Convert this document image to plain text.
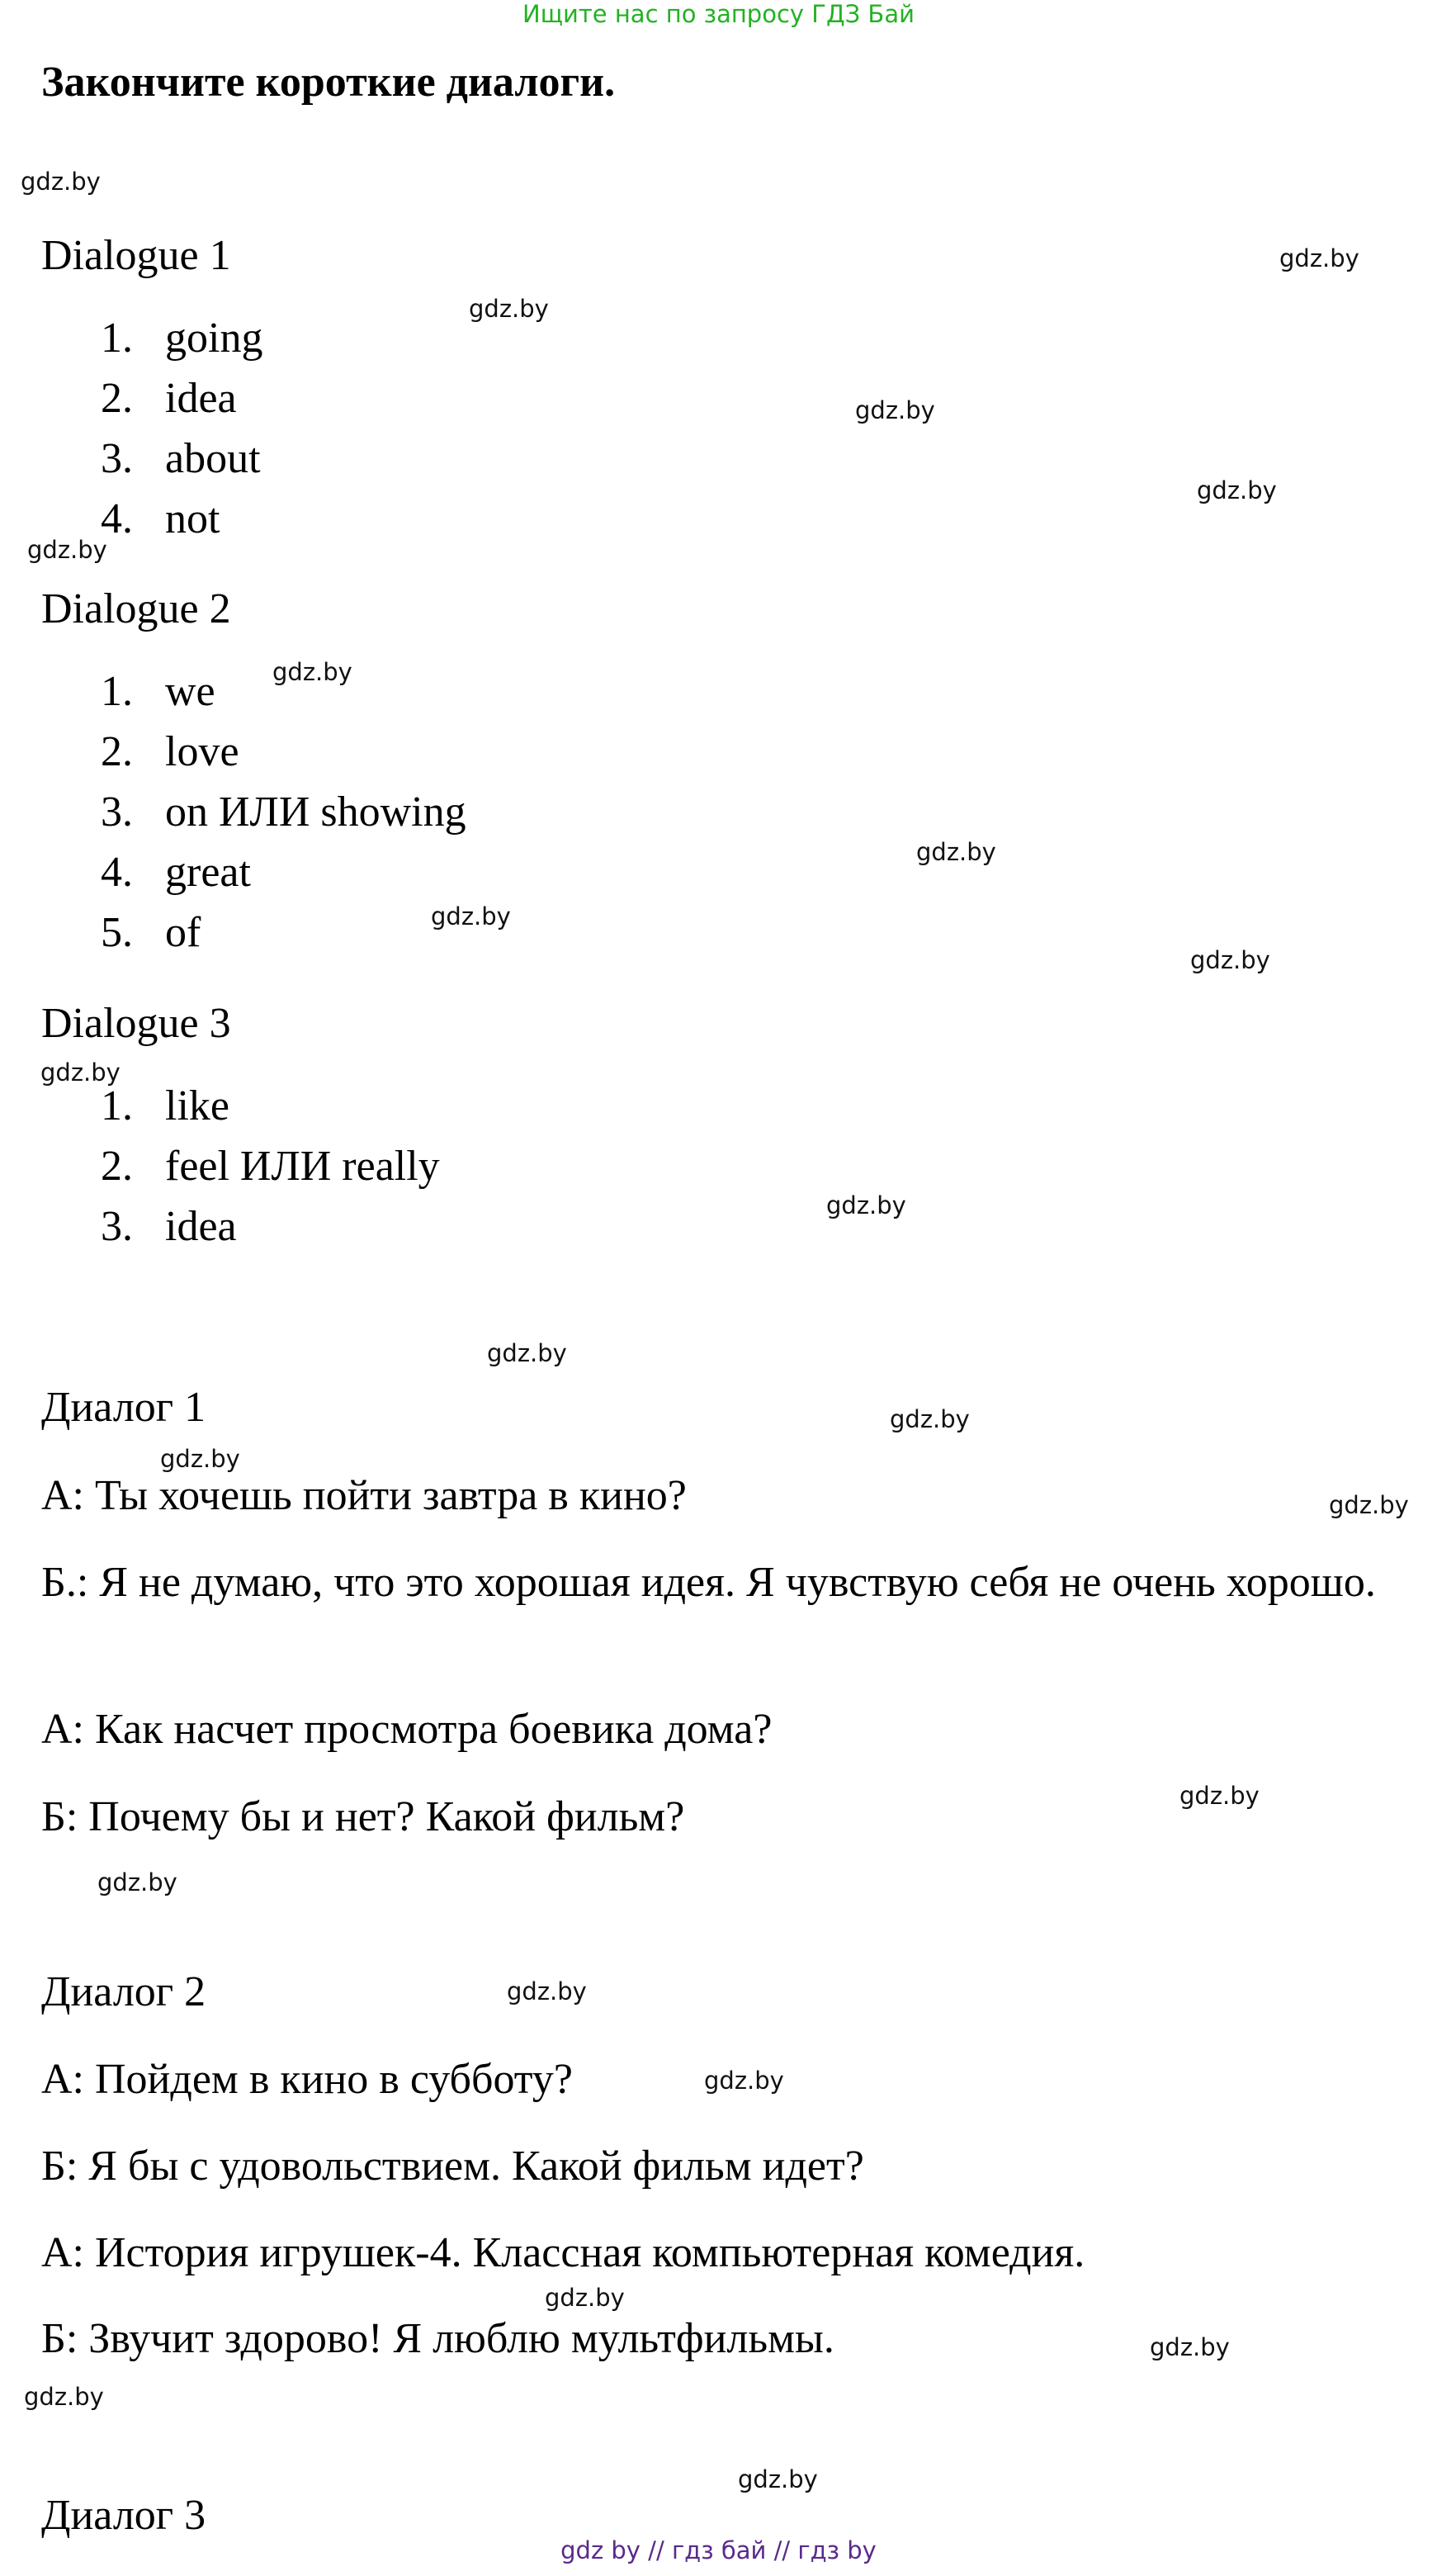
Ищите нас по запросу ГДЗ Бай
Закончите короткие диалоги.
Dialogue 1
1. going
2. idea
3. about
4. not
Dialogue 2
1. we
2. love
3. on ИЛИ showing
4. great
5. of
Dialogue 3
1. like
2. feel ИЛИ really
3. idea
Диалог 1

А: Ты хочешь пойти завтра в кино?

Б.: Я не думаю, что это хорошая идея. Я чувствую себя не очень хорошо.

А: Как насчет просмотра боевика дома?

Б: Почему бы и нет? Какой фильм?

Диалог 2

А: Пойдем в кино в субботу?

Б: Я бы с удовольствием. Какой фильм идет?

А: История игрушек-4. Классная компьютерная комедия.

Б: Звучит здорово! Я люблю мультфильмы.

Диалог 3
gdz.by
gdz.by
gdz.by
gdz.by
gdz.by
gdz.by
gdz.by
gdz.by
gdz.by
gdz.by
gdz.by
gdz.by
gdz.by
gdz.by
gdz.by
gdz.by
gdz.by
gdz.by
gdz.by
gdz.by
gdz.by
gdz.by
gdz.by
gdz.by
gdz by // гдз бай // гдз by
